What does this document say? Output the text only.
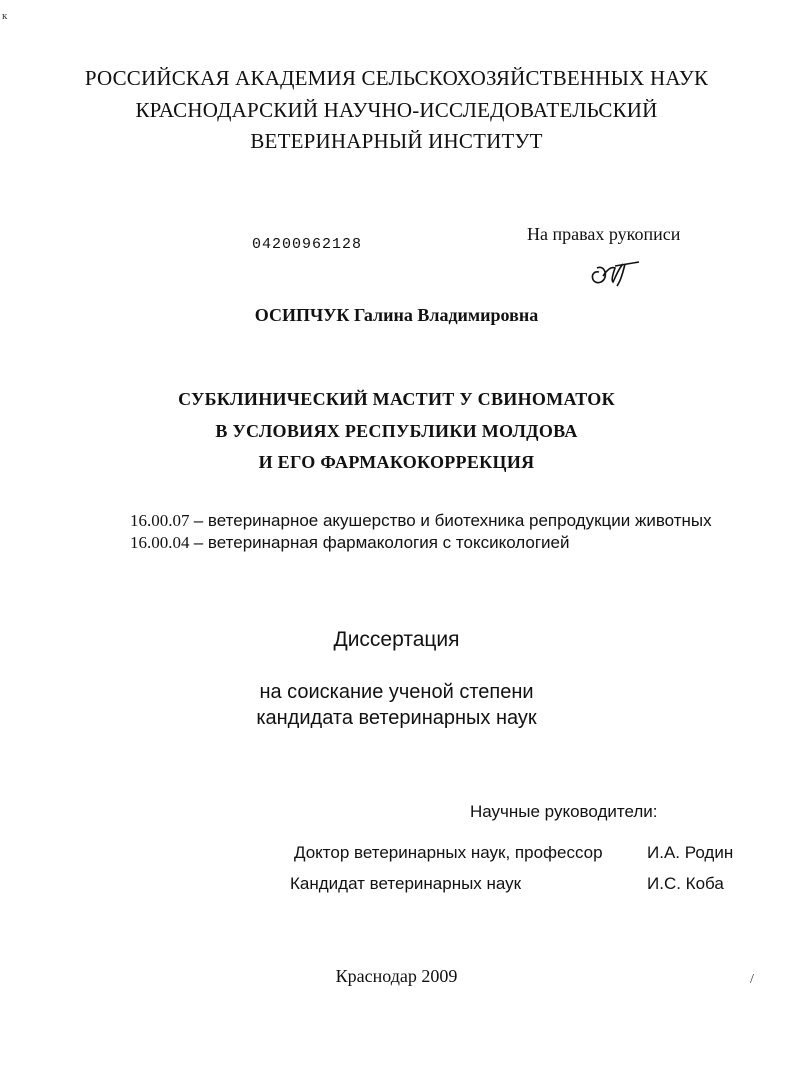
к
РОССИЙСКАЯ АКАДЕМИЯ СЕЛЬСКОХОЗЯЙСТВЕННЫХ НАУК
КРАСНОДАРСКИЙ НАУЧНО-ИССЛЕДОВАТЕЛЬСКИЙ
ВЕТЕРИНАРНЫЙ ИНСТИТУТ
04200962128
На правах рукописи
ОСИПЧУК Галина Владимировна
СУБКЛИНИЧЕСКИЙ МАСТИТ У СВИНОМАТОК
В УСЛОВИЯХ РЕСПУБЛИКИ МОЛДОВА
И ЕГО ФАРМАКОКОРРЕКЦИЯ
16.00.07 – ветеринарное акушерство и биотехника репродукции животных
16.00.04 – ветеринарная фармакология с токсикологией
Диссертация
на соискание ученой степени
кандидата ветеринарных наук
Научные руководители:
Доктор ветеринарных наук, профессор	И.А. Родин
Кандидат ветеринарных наук	И.С. Коба
Краснодар 2009	/
